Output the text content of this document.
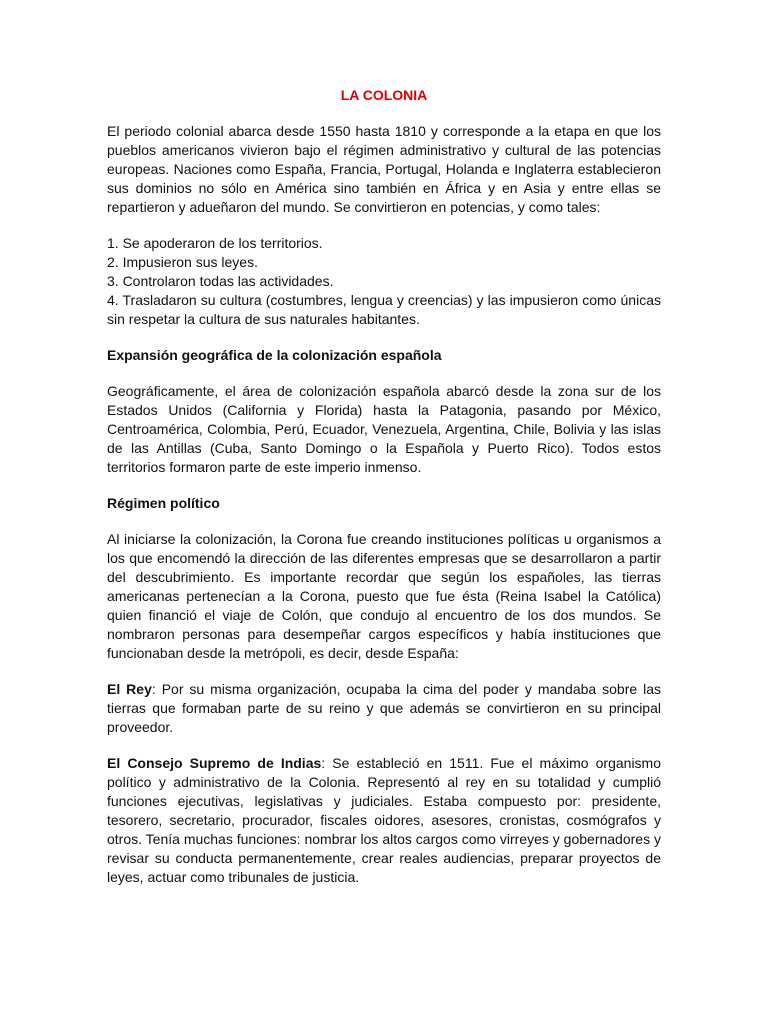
LA COLONIA

El periodo colonial abarca desde 1550 hasta 1810 y corresponde a la etapa en que los pueblos americanos vivieron bajo el régimen administrativo y cultural de las potencias europeas. Naciones como España, Francia, Portugal, Holanda e Inglaterra establecieron sus dominios no sólo en América sino también en África y en Asia y entre ellas se repartieron y adueñaron del mundo. Se convirtieron en potencias, y como tales:

1. Se apoderaron de los territorios.
2. Impusieron sus leyes.
3. Controlaron todas las actividades.
4. Trasladaron su cultura (costumbres, lengua y creencias) y las impusieron como únicas sin respetar la cultura de sus naturales habitantes.
Expansión geográfica de la colonización española

Geográficamente, el área de colonización española abarcó desde la zona sur de los Estados Unidos (California y Florida) hasta la Patagonia, pasando por México, Centroamérica, Colombia, Perú, Ecuador, Venezuela, Argentina, Chile, Bolivia y las islas de las Antillas (Cuba, Santo Domingo o la Española y Puerto Rico). Todos estos territorios formaron parte de este imperio inmenso.

Régimen político

Al iniciarse la colonización, la Corona fue creando instituciones políticas u organismos a los que encomendó la dirección de las diferentes empresas que se desarrollaron a partir del descubrimiento. Es importante recordar que según los españoles, las tierras americanas pertenecían a la Corona, puesto que fue ésta (Reina Isabel la Católica) quien financió el viaje de Colón, que condujo al encuentro de los dos mundos. Se nombraron personas para desempeñar cargos específicos y había instituciones que funcionaban desde la metrópoli, es decir, desde España:

El Rey: Por su misma organización, ocupaba la cima del poder y mandaba sobre las tierras que formaban parte de su reino y que además se convirtieron en su principal proveedor.

El Consejo Supremo de Indias: Se estableció en 1511. Fue el máximo organismo político y administrativo de la Colonia. Representó al rey en su totalidad y cumplió funciones ejecutivas, legislativas y judiciales. Estaba compuesto por: presidente, tesorero, secretario, procurador, fiscales oidores, asesores, cronistas, cosmógrafos y otros. Tenía muchas funciones: nombrar los altos cargos como virreyes y gobernadores y revisar su conducta permanentemente, crear reales audiencias, preparar proyectos de leyes, actuar como tribunales de justicia.
